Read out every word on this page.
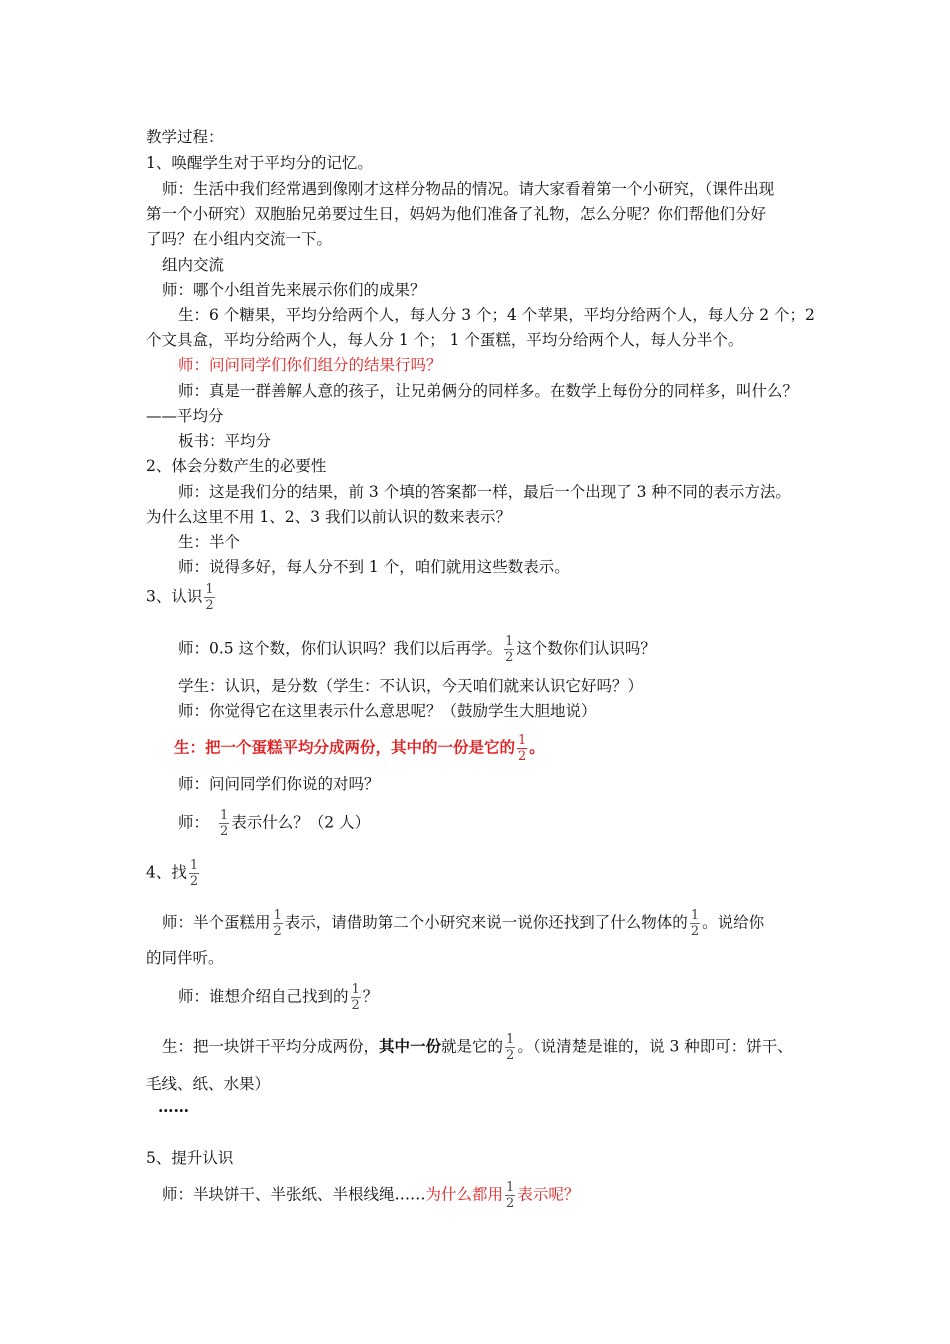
教学过程：
1、唤醒学生对于平均分的记忆。
师：生活中我们经常遇到像刚才这样分物品的情况。请大家看着第一个小研究，（课件出现
第一个小研究）双胞胎兄弟要过生日，妈妈为他们准备了礼物，怎么分呢？你们帮他们分好
了吗？在小组内交流一下。
组内交流
师：哪个小组首先来展示你们的成果？
生：6 个糖果，平均分给两个人，每人分 3 个；4 个苹果，平均分给两个人，每人分 2 个；2
个文具盒，平均分给两个人，每人分 1 个； 1 个蛋糕，平均分给两个人，每人分半个。
师：问问同学们你们组分的结果行吗？
师：真是一群善解人意的孩子，让兄弟俩分的同样多。在数学上每份分的同样多，叫什么？
——平均分
板书：平均分
2、体会分数产生的必要性
师：这是我们分的结果，前 3 个填的答案都一样，最后一个出现了 3 种不同的表示方法。
为什么这里不用 1、2、3 我们以前认识的数来表示？
生：半个
师：说得多好，每人分不到 1 个，咱们就用这些数表示。
3、认识 $\frac{1}{2}$
师：0.5 这个数，你们认识吗？我们以后再学。 $\frac{1}{2}$ 这个数你们认识吗？
学生：认识，是分数（学生：不认识，今天咱们就来认识它好吗？）
师：你觉得它在这里表示什么意思呢？（鼓励学生大胆地说）
生：把一个蛋糕平均分成两份，其中的一份是它的 $\frac{1}{2}$ 。
师：问问同学们你说的对吗？
师： $\frac{1}{2}$ 表示什么？（2 人）
4、找 $\frac{1}{2}$
师：半个蛋糕用 $\frac{1}{2}$ 表示，请借助第二个小研究来说一说你还找到了什么物体的 $\frac{1}{2}$ 。说给你
的同伴听。
师：谁想介绍自己找到的 $\frac{1}{2}$ ？
生：把一块饼干平均分成两份，其中一份就是它的 $\frac{1}{2}$ 。（说清楚是谁的，说 3 种即可：饼干、
毛线、纸、水果）
……
5、提升认识
师：半块饼干、半张纸、半根线绳……为什么都用 $\frac{1}{2}$ 表示呢？
